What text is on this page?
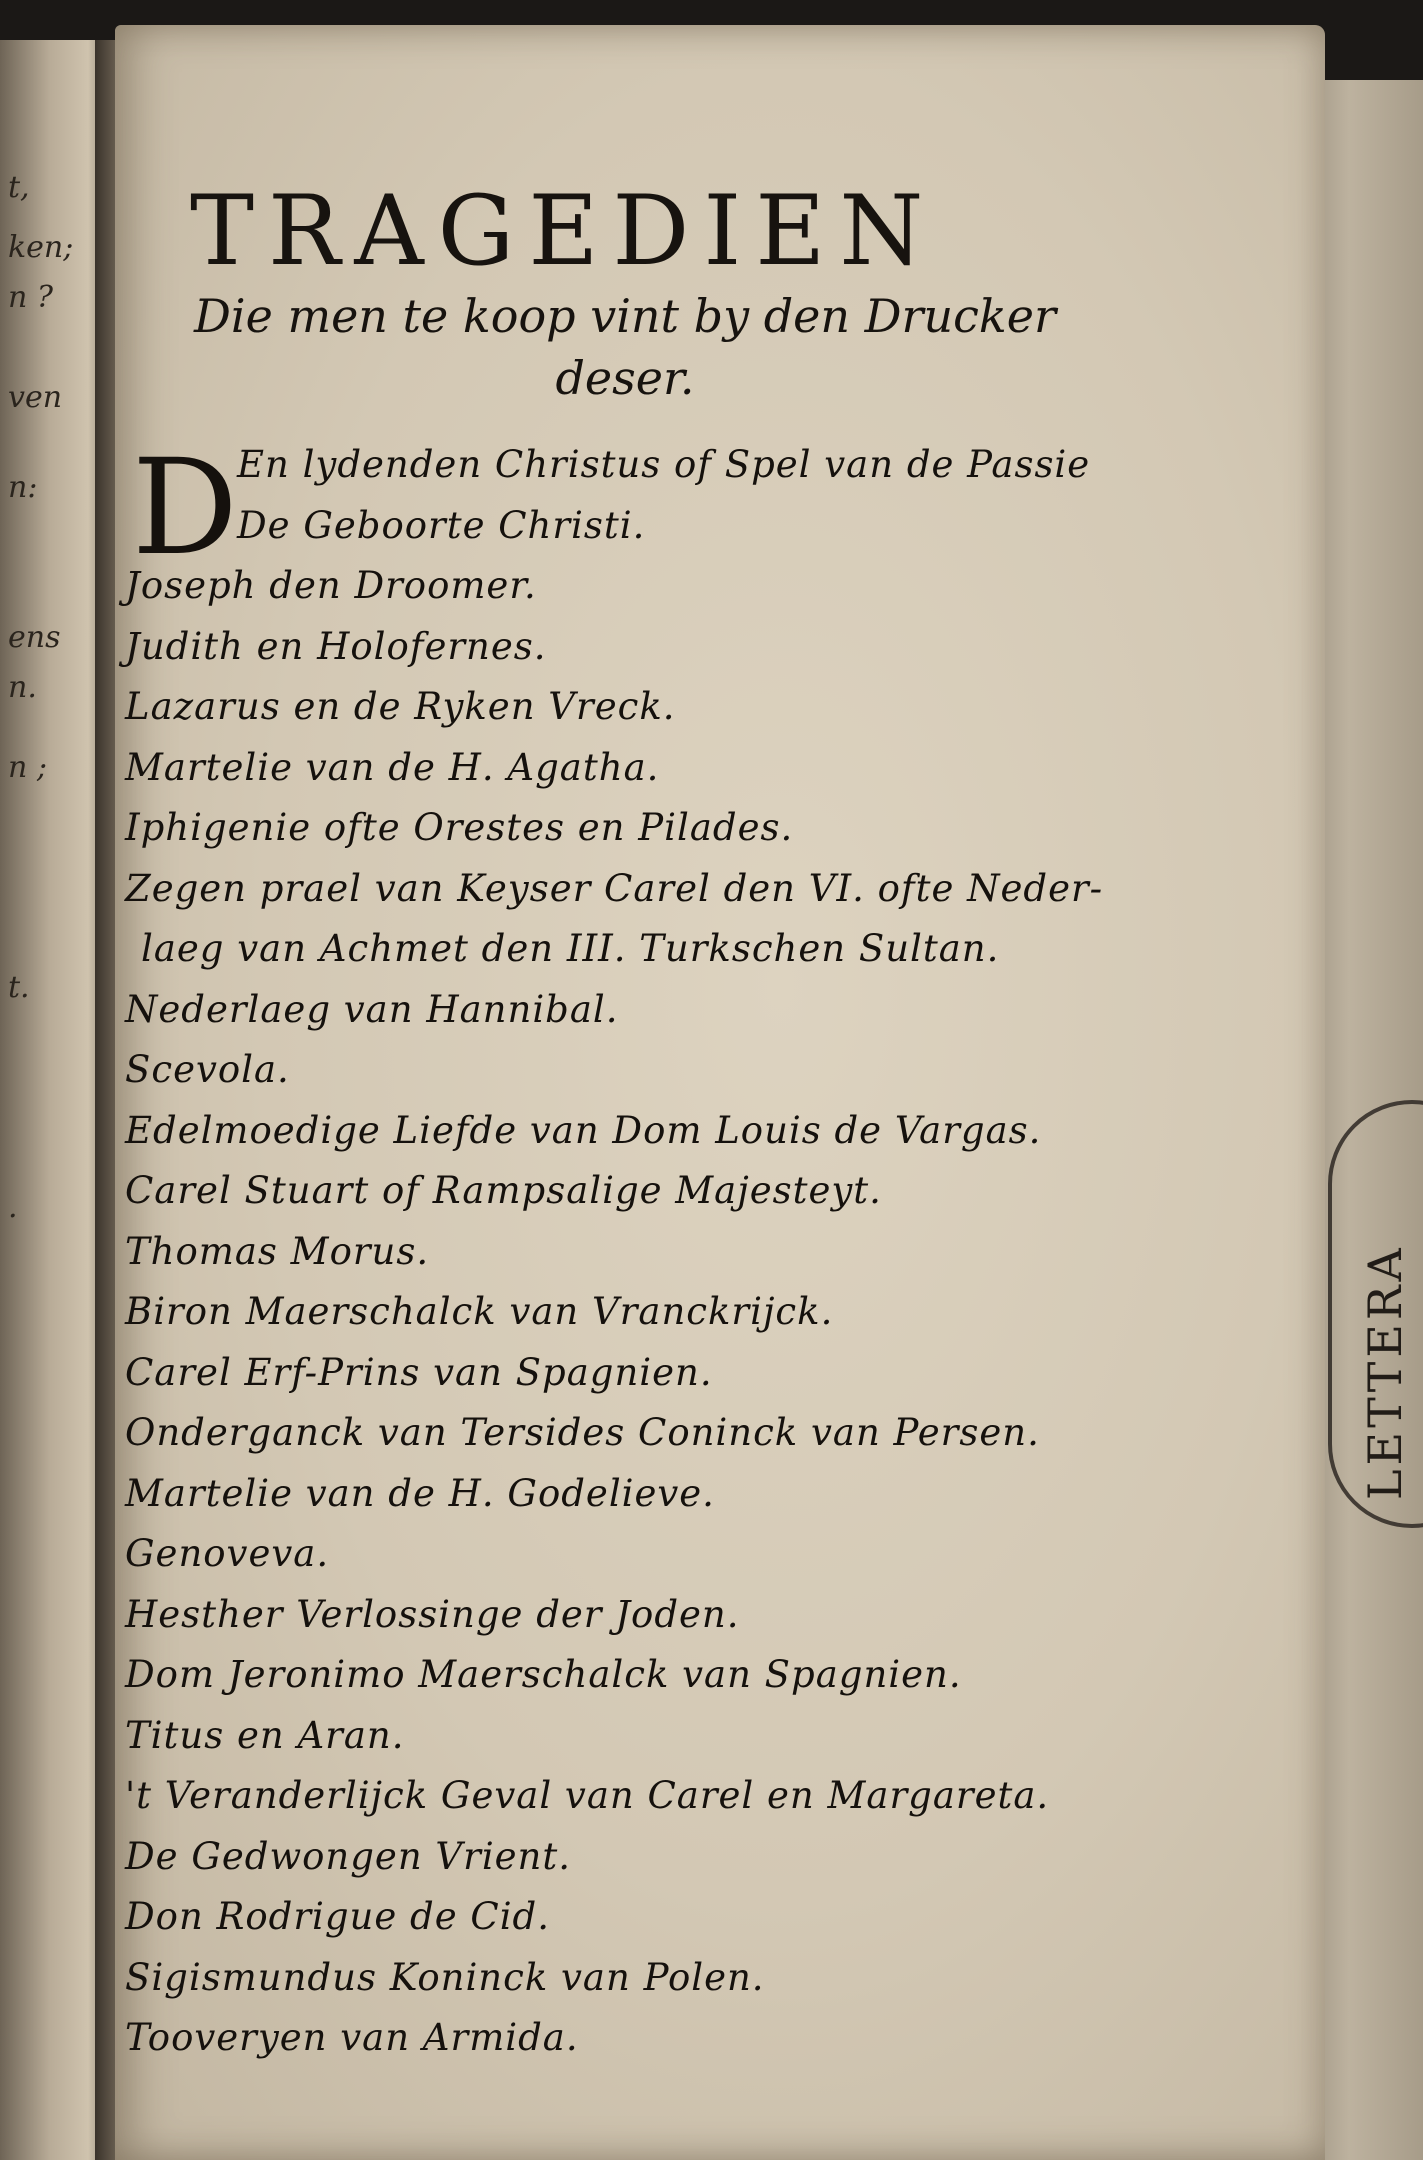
t,
ken;
n ?
ven
n:
ens
n.
n ;
t.
.
LETTERA
TRAGEDIEN

Die men te koop vint by den Drucker
deser.

D En lydenden Christus of Spel van de Passie
De Geboorte Christi.
Joseph den Droomer.
Judith en Holofernes.
Lazarus en de Ryken Vreck.
Martelie van de H. Agatha.
Iphigenie ofte Orestes en Pilades.
Zegen prael van Keyser Carel den VI. ofte Neder-
laeg van Achmet den III. Turkschen Sultan.
Nederlaeg van Hannibal.
Scevola.
Edelmoedige Liefde van Dom Louis de Vargas.
Carel Stuart of Rampsalige Majesteyt.
Thomas Morus.
Biron Maerschalck van Vranckrijck.
Carel Erf-Prins van Spagnien.
Onderganck van Tersides Coninck van Persen.
Martelie van de H. Godelieve.
Genoveva.
Hesther Verlossinge der Joden.
Dom Jeronimo Maerschalck van Spagnien.
Titus en Aran.
't Veranderlijck Geval van Carel en Margareta.
De Gedwongen Vrient.
Don Rodrigue de Cid.
Sigismundus Koninck van Polen.
Tooveryen van Armida.
